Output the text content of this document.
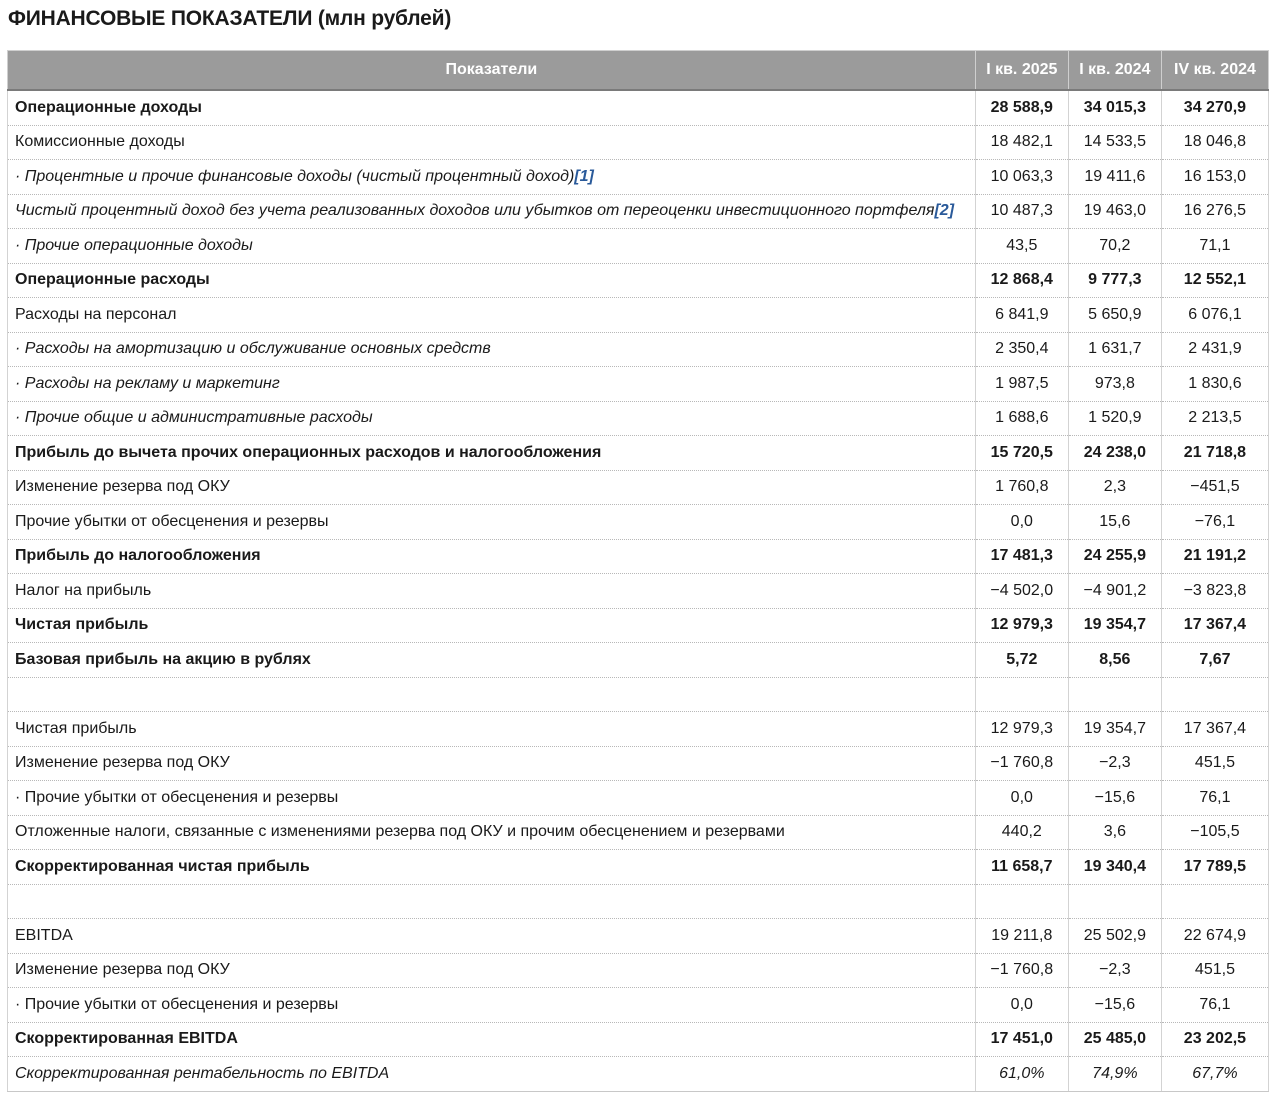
ФИНАНСОВЫЕ ПОКАЗАТЕЛИ (млн рублей)
Показатели	I кв. 2025	I кв. 2024	IV кв. 2024
Операционные доходы	28 588,9	34 015,3	34 270,9
Комиссионные доходы	18 482,1	14 533,5	18 046,8
· Процентные и прочие финансовые доходы (чистый процентный доход)[1]	10 063,3	19 411,6	16 153,0
Чистый процентный доход без учета реализованных доходов или убытков от переоценки инвестиционного портфеля[2]	10 487,3	19 463,0	16 276,5
· Прочие операционные доходы	43,5	70,2	71,1
Операционные расходы	12 868,4	9 777,3	12 552,1
Расходы на персонал	6 841,9	5 650,9	6 076,1
· Расходы на амортизацию и обслуживание основных средств	2 350,4	1 631,7	2 431,9
· Расходы на рекламу и маркетинг	1 987,5	973,8	1 830,6
· Прочие общие и административные расходы	1 688,6	1 520,9	2 213,5
Прибыль до вычета прочих операционных расходов и налогообложения	15 720,5	24 238,0	21 718,8
Изменение резерва под ОКУ	1 760,8	2,3	−451,5
Прочие убытки от обесценения и резервы	0,0	15,6	−76,1
Прибыль до налогообложения	17 481,3	24 255,9	21 191,2
Налог на прибыль	−4 502,0	−4 901,2	−3 823,8
Чистая прибыль	12 979,3	19 354,7	17 367,4
Базовая прибыль на акцию в рублях	5,72	8,56	7,67

Чистая прибыль	12 979,3	19 354,7	17 367,4
Изменение резерва под ОКУ	−1 760,8	−2,3	451,5
· Прочие убытки от обесценения и резервы	0,0	−15,6	76,1
Отложенные налоги, связанные с изменениями резерва под ОКУ и прочим обесценением и резервами	440,2	3,6	−105,5
Скорректированная чистая прибыль	11 658,7	19 340,4	17 789,5

EBITDA	19 211,8	25 502,9	22 674,9
Изменение резерва под ОКУ	−1 760,8	−2,3	451,5
· Прочие убытки от обесценения и резервы	0,0	−15,6	76,1
Скорректированная EBITDA	17 451,0	25 485,0	23 202,5
Скорректированная рентабельность по EBITDA	61,0%	74,9%	67,7%
